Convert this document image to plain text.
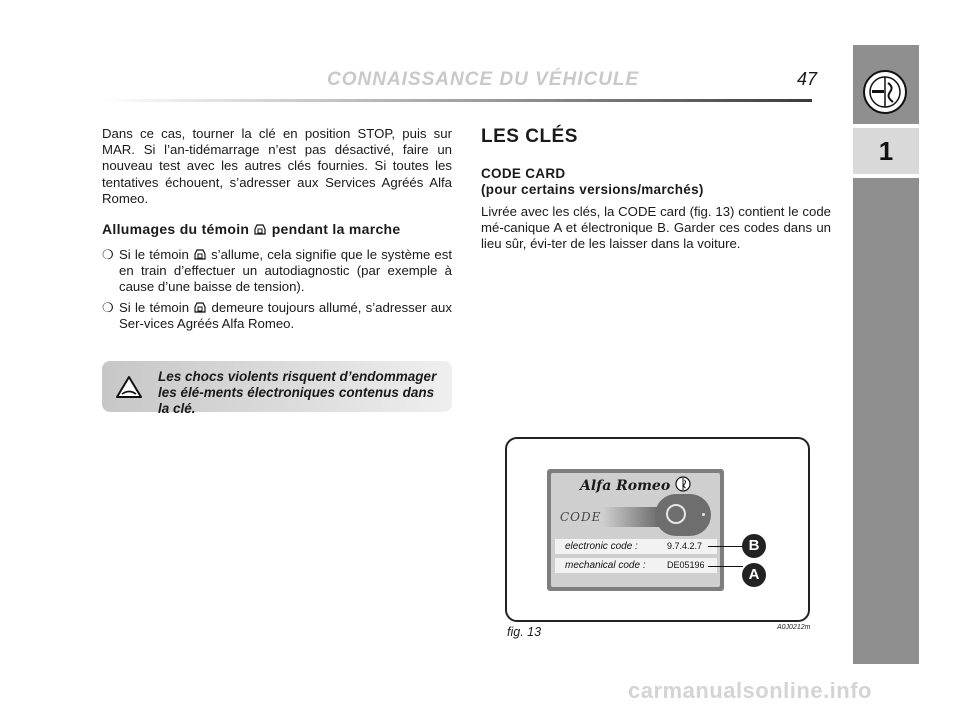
CONNAISSANCE DU VÉHICULE	47
1

Dans ce cas, tourner la clé en position STOP, puis sur MAR. Si l’an-tidémarrage n’est pas désactivé, faire un nouveau test avec les autres clés fournies. Si toutes les tentatives échouent, s’adresser aux Services Agréés Alfa Romeo.

Allumages du témoin pendant la marche
❍ Si le témoin s’allume, cela signifie que le système est en train d’effectuer un autodiagnostic (par exemple à cause d’une baisse de tension).
❍ Si le témoin demeure toujours allumé, s’adresser aux Ser-vices Agréés Alfa Romeo.
Les chocs violents risquent d’endommager les élé-ments électroniques contenus dans la clé.
LES CLÉS
CODE CARD
(pour certains versions/marchés)

Livrée avec les clés, la CODE card (fig. 13) contient le code mé-canique A et électronique B. Garder ces codes dans un lieu sûr, évi-ter de les laisser dans la voiture.

Alfa Romeo
CODE
electronic code :	9.7.4.2.7
mechanical code : DE05196
B
A
fig. 13	A0J0212m
carmanualsonline.info
